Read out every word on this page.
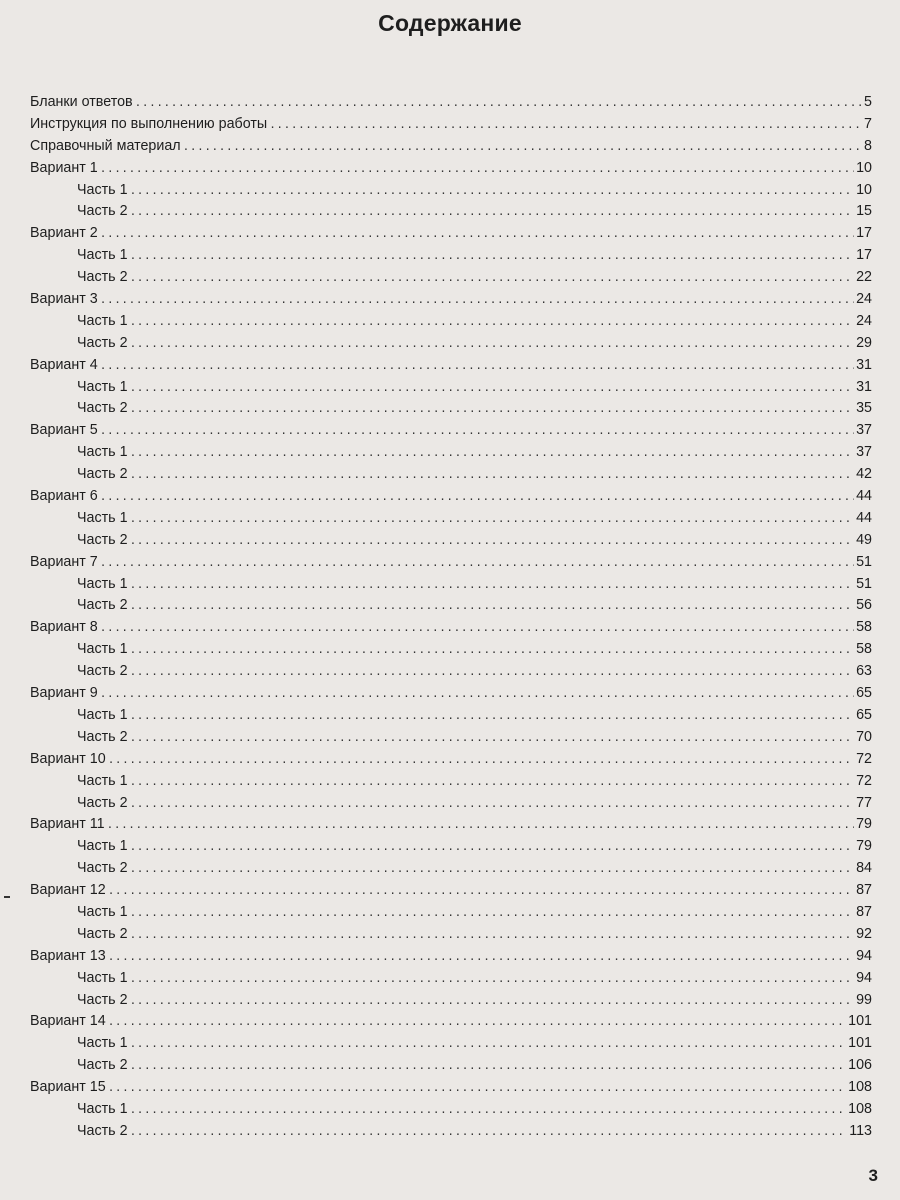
Содержание
Бланки ответов .....	5
Инструкция по выполнению работы .....	7
Справочный материал .....	8
Вариант 1 .....	10
Часть 1 .....	10
Часть 2 .....	15
Вариант 2 .....	17
Часть 1 .....	17
Часть 2 .....	22
Вариант 3 .....	24
Часть 1 .....	24
Часть 2 .....	29
Вариант 4 .....	31
Часть 1 .....	31
Часть 2 .....	35
Вариант 5 .....	37
Часть 1 .....	37
Часть 2 .....	42
Вариант 6 .....	44
Часть 1 .....	44
Часть 2 .....	49
Вариант 7 .....	51
Часть 1 .....	51
Часть 2 .....	56
Вариант 8 .....	58
Часть 1 .....	58
Часть 2 .....	63
Вариант 9 .....	65
Часть 1 .....	65
Часть 2 .....	70
Вариант 10 .....	72
Часть 1 .....	72
Часть 2 .....	77
Вариант 11 .....	79
Часть 1 .....	79
Часть 2 .....	84
Вариант 12 .....	87
Часть 1 .....	87
Часть 2 .....	92
Вариант 13 .....	94
Часть 1 .....	94
Часть 2 .....	99
Вариант 14 .....	101
Часть 1 .....	101
Часть 2 .....	106
Вариант 15 .....	108
Часть 1 .....	108
Часть 2 .....	113
3
